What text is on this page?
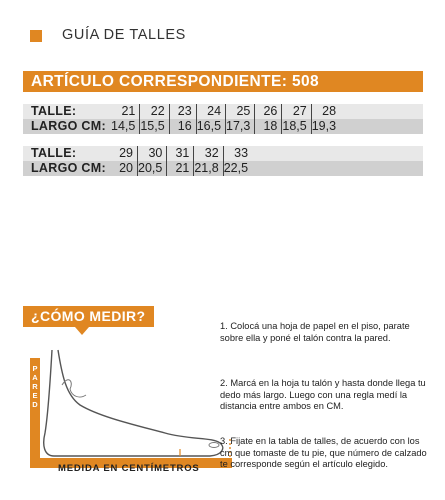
GUÍA DE TALLES
ARTÍCULO CORRESPONDIENTE: 508
TALLE:	21	22	23	24	25	26	27	28	
LARGO CM:	14,5	15,5	16	16,5	17,3	18	18,5	19,3	
TALLE:	29	30	31	32	33	
LARGO CM:	20	20,5	21	21,8	22,5	
¿CÓMO MEDIR?
P
A
R
E
D
MEDIDA EN CENTÍMETROS
1. Colocá una hoja de papel en el piso, parate sobre ella y poné el talón contra la pared.
2. Marcá en la hoja tu talón y hasta donde llega tu dedo más largo. Luego con una regla medí la distancia entre ambos en CM.
3. Fijate en la tabla de talles, de acuerdo con los cm que tomaste de tu pie, que número de calzado te corresponde según el artículo elegido.
